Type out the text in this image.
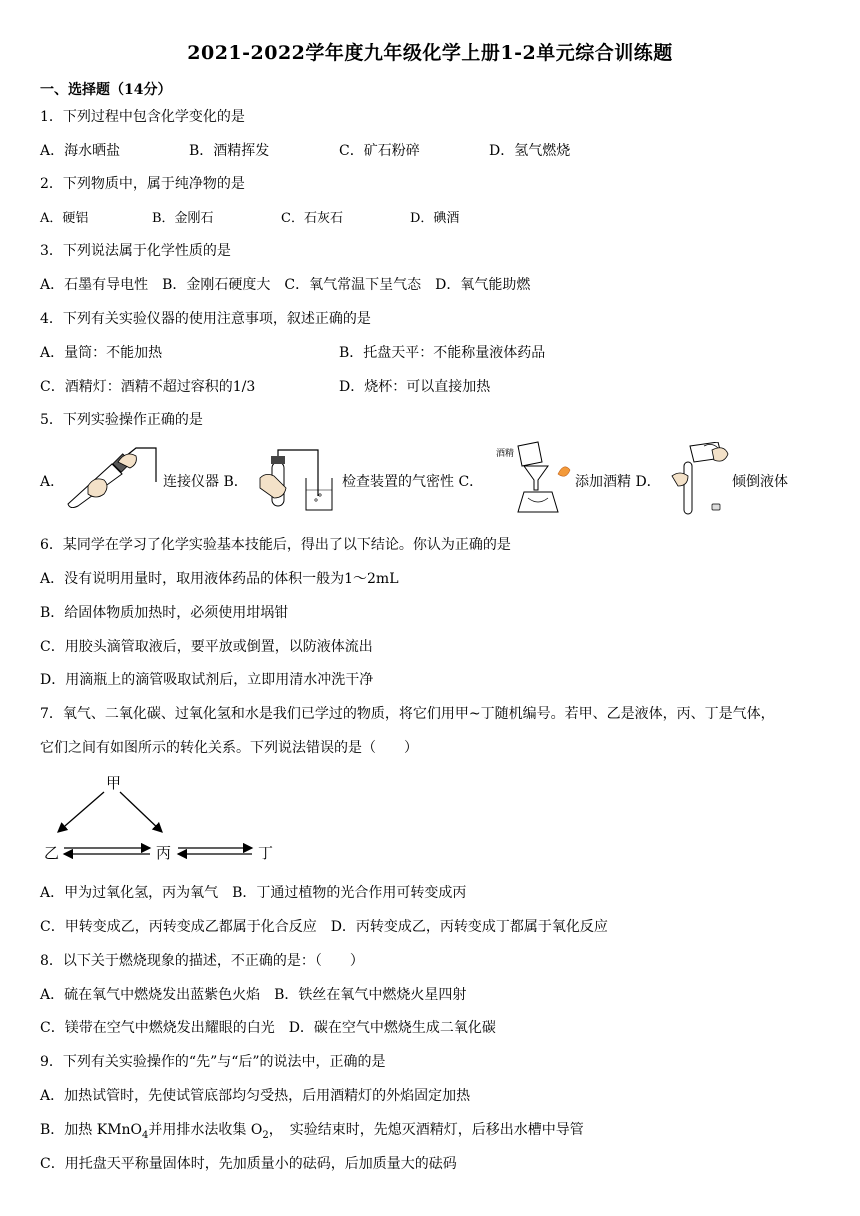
2021-2022学年度九年级化学上册1-2单元综合训练题
一、选择题（14分）
1．下列过程中包含化学变化的是
A．海水晒盐	B．酒精挥发	C．矿石粉碎	D．氢气燃烧
2．下列物质中，属于纯净物的是
A．硬铝	B．金刚石	C．石灰石	D．碘酒
3．下列说法属于化学性质的是
A．石墨有导电性　B．金刚石硬度大　C．氧气常温下呈气态　D．氧气能助燃
4．下列有关实验仪器的使用注意事项，叙述正确的是
A．量筒：不能加热	B．托盘天平：不能称量液体药品
C．酒精灯：酒精不超过容积的1/3	D．烧杯：可以直接加热
5．下列实验操作正确的是
A．	连接仪器 B．	检查装置的气密性 C．
酒精
添加酒精 D．	倾倒液体
6．某同学在学习了化学实验基本技能后，得出了以下结论。你认为正确的是
A．没有说明用量时，取用液体药品的体积一般为1～2mL
B．给固体物质加热时，必须使用坩埚钳
C．用胶头滴管取液后，要平放或倒置，以防液体流出
D．用滴瓶上的滴管吸取试剂后，立即用清水冲洗干净
7．氧气、二氧化碳、过氧化氢和水是我们已学过的物质，将它们用甲~丁随机编号。若甲、乙是液体，丙、丁是气体，
它们之间有如图所示的转化关系。下列说法错误的是（　　）
甲
乙	丙	丁
A．甲为过氧化氢，丙为氧气　B．丁通过植物的光合作用可转变成丙
C．甲转变成乙，丙转变成乙都属于化合反应　D．丙转变成乙，丙转变成丁都属于氧化反应
8．以下关于燃烧现象的描述，不正确的是：（　　）
A．硫在氧气中燃烧发出蓝紫色火焰　B．铁丝在氧气中燃烧火星四射
C．镁带在空气中燃烧发出耀眼的白光　D．碳在空气中燃烧生成二氧化碳
9．下列有关实验操作的“先”与“后”的说法中，正确的是
A．加热试管时，先使试管底部均匀受热，后用酒精灯的外焰固定加热
B．加热 KMnO$_4$并用排水法收集 $O_2$，　实验结束时，先熄灭酒精灯，后移出水槽中导管
C．用托盘天平称量固体时，先加质量小的砝码，后加质量大的砝码
